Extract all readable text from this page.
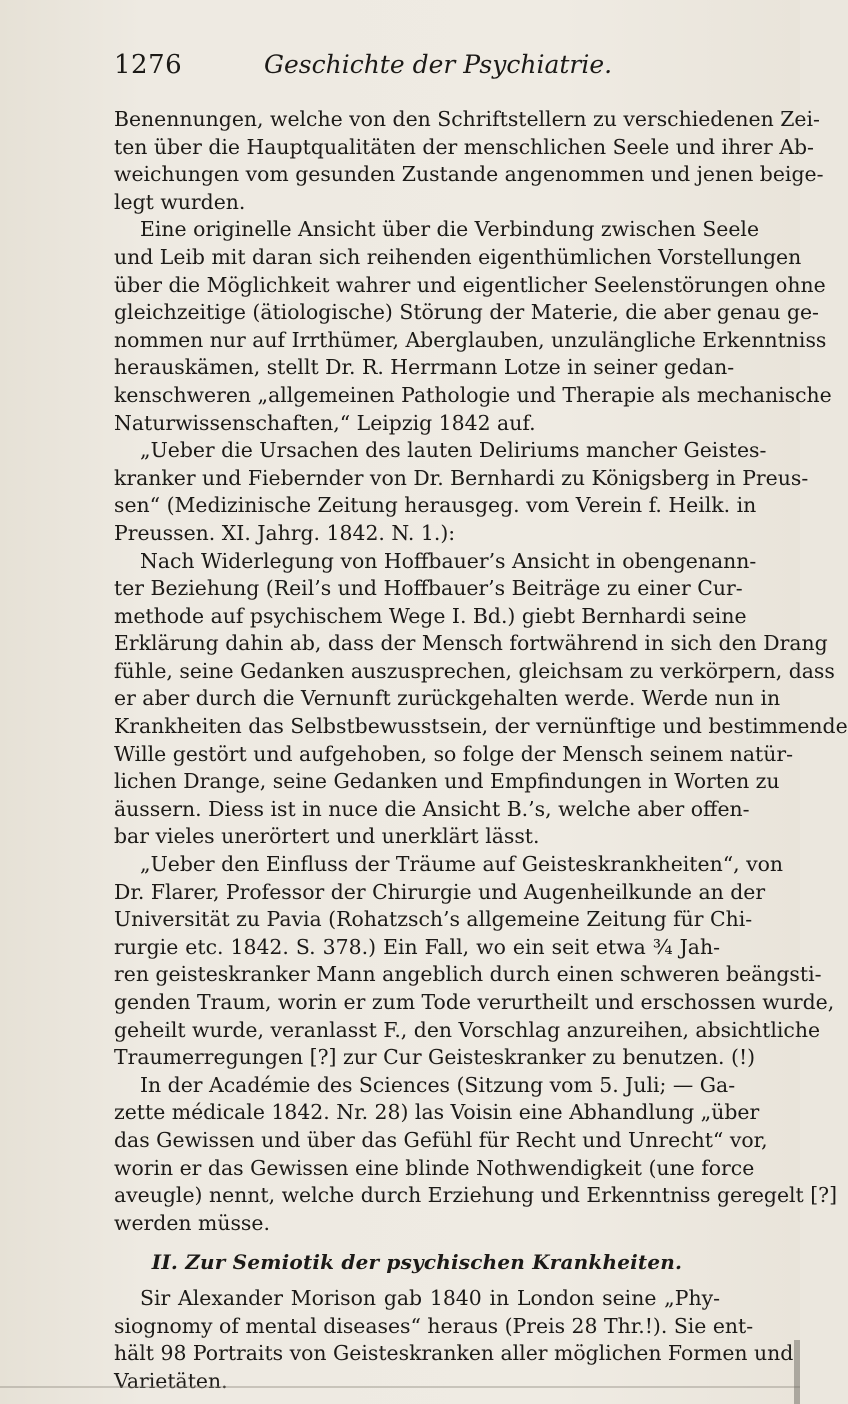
1276	Geschichte der Psychiatrie.
Benennungen, welche von den Schriftstellern zu verschiedenen Zei-
ten über die Hauptqualitäten der menschlichen Seele und ihrer Ab-
weichungen vom gesunden Zustande angenommen und jenen beige-
legt wurden.
Eine originelle Ansicht über die Verbindung zwischen Seele
und Leib mit daran sich reihenden eigenthümlichen Vorstellungen
über die Möglichkeit wahrer und eigentlicher Seelenstörungen ohne
gleichzeitige (ätiologische) Störung der Materie, die aber genau ge-
nommen nur auf Irrthümer, Aberglauben, unzulängliche Erkenntniss
herauskämen, stellt Dr. R. Herrmann Lotze in seiner gedan-
kenschweren „allgemeinen Pathologie und Therapie als mechanische
Naturwissenschaften,“ Leipzig 1842 auf.
„Ueber die Ursachen des lauten Deliriums mancher Geistes-
kranker und Fiebernder von Dr. Bernhardi zu Königsberg in Preus-
sen“ (Medizinische Zeitung herausgeg. vom Verein f. Heilk. in
Preussen. XI. Jahrg. 1842. N. 1.):
Nach Widerlegung von Hoffbauer’s Ansicht in obengenann-
ter Beziehung (Reil’s und Hoffbauer’s Beiträge zu einer Cur-
methode auf psychischem Wege I. Bd.) giebt Bernhardi seine
Erklärung dahin ab, dass der Mensch fortwährend in sich den Drang
fühle, seine Gedanken auszusprechen, gleichsam zu verkörpern, dass
er aber durch die Vernunft zurückgehalten werde. Werde nun in
Krankheiten das Selbstbewusstsein, der vernünftige und bestimmende
Wille gestört und aufgehoben, so folge der Mensch seinem natür-
lichen Drange, seine Gedanken und Empfindungen in Worten zu
äussern. Diess ist in nuce die Ansicht B.’s, welche aber offen-
bar vieles unerörtert und unerklärt lässt.
„Ueber den Einfluss der Träume auf Geisteskrankheiten“, von
Dr. Flarer, Professor der Chirurgie und Augenheilkunde an der
Universität zu Pavia (Rohatzsch’s allgemeine Zeitung für Chi-
rurgie etc. 1842. S. 378.) Ein Fall, wo ein seit etwa ¾ Jah-
ren geisteskranker Mann angeblich durch einen schweren beängsti-
genden Traum, worin er zum Tode verurtheilt und erschossen wurde,
geheilt wurde, veranlasst F., den Vorschlag anzureihen, absichtliche
Traumerregungen [?] zur Cur Geisteskranker zu benutzen. (!)
In der Académie des Sciences (Sitzung vom 5. Juli; — Ga-
zette médicale 1842. Nr. 28) las Voisin eine Abhandlung „über
das Gewissen und über das Gefühl für Recht und Unrecht“ vor,
worin er das Gewissen eine blinde Nothwendigkeit (une force
aveugle) nennt, welche durch Erziehung und Erkenntniss geregelt [?]
werden müsse.
II. Zur Semiotik der psychischen Krankheiten.
Sir Alexander Morison gab 1840 in London seine „Phy-
siognomy of mental diseases“ heraus (Preis 28 Thr.!). Sie ent-
hält 98 Portraits von Geisteskranken aller möglichen Formen und
Varietäten.
